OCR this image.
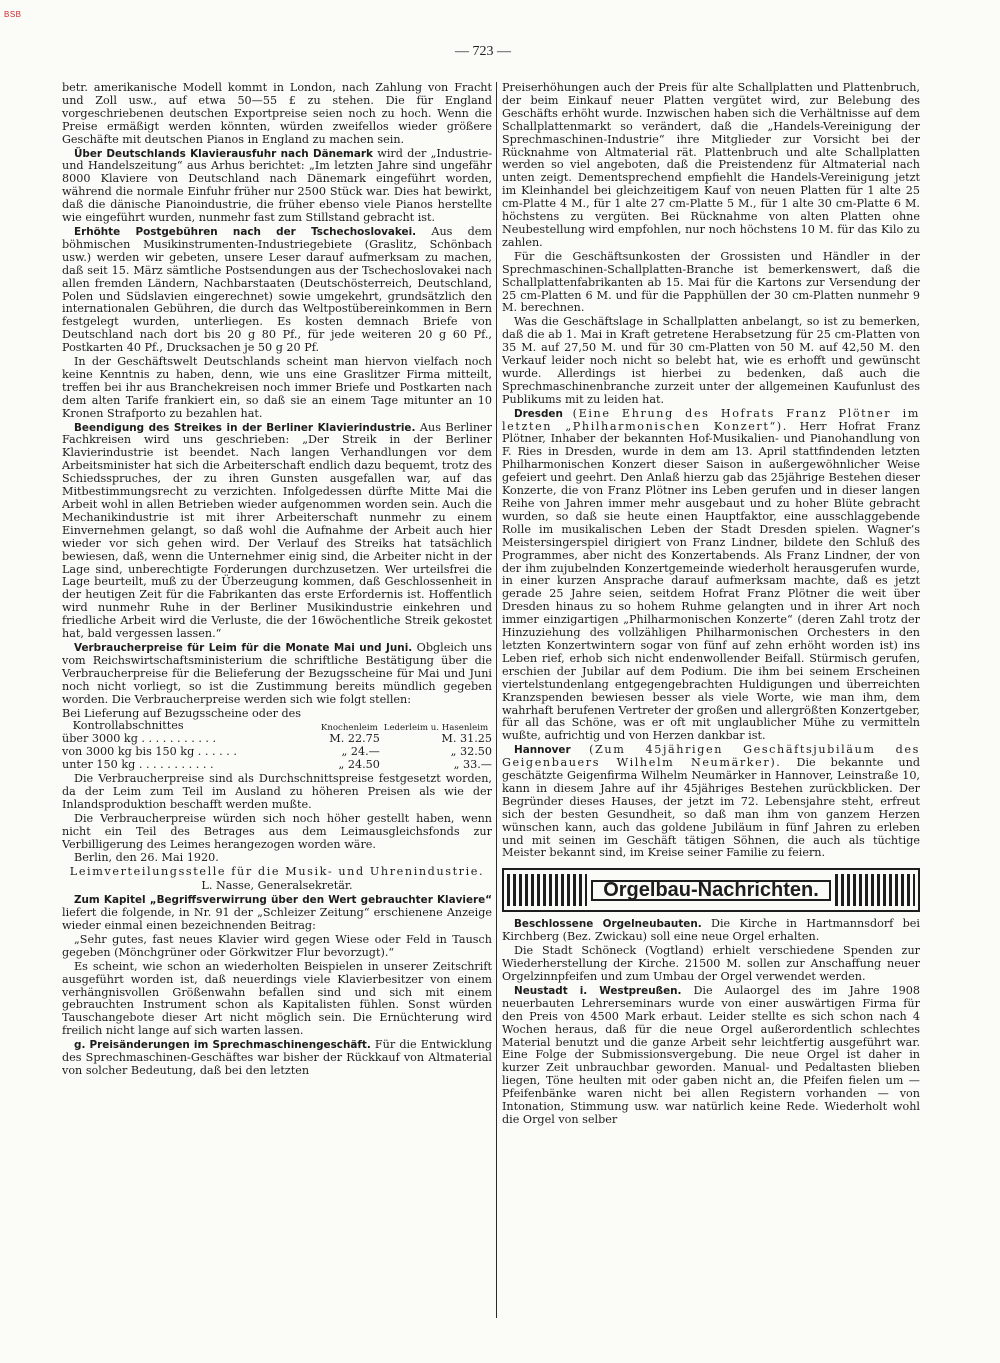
BSB
— 723 —

betr. amerikanische Modell kommt in London, nach Zahlung von Fracht und Zoll usw., auf etwa 50—55 £ zu stehen. Die für England vorgeschriebenen deutschen Exportpreise seien noch zu hoch. Wenn die Preise ermäßigt werden könnten, würden zweifellos wieder größere Geschäfte mit deutschen Pianos in England zu machen sein.

Über Deutschlands Klavierausfuhr nach Dänemark wird der „Industrie- und Handelszeitung“ aus Arhus berichtet: „Im letzten Jahre sind ungefähr 8000 Klaviere von Deutschland nach Dänemark eingeführt worden, während die normale Einfuhr früher nur 2500 Stück war. Dies hat bewirkt, daß die dänische Pianoindustrie, die früher ebenso viele Pianos herstellte wie eingeführt wurden, nunmehr fast zum Stillstand gebracht ist.

Erhöhte Postgebühren nach der Tschechoslovakei. Aus dem böhmischen Musikinstrumenten-Industriegebiete (Graslitz, Schönbach usw.) werden wir gebeten, unsere Leser darauf aufmerksam zu machen, daß seit 15. März sämtliche Postsendungen aus der Tschechoslovakei nach allen fremden Ländern, Nachbarstaaten (Deutschösterreich, Deutschland, Polen und Südslavien eingerechnet) sowie umgekehrt, grundsätzlich den internationalen Gebühren, die durch das Weltpostübereinkommen in Bern festgelegt wurden, unterliegen. Es kosten demnach Briefe von Deutschland nach dort bis 20 g 80 Pf., für jede weiteren 20 g 60 Pf., Postkarten 40 Pf., Drucksachen je 50 g 20 Pf.

In der Geschäftswelt Deutschlands scheint man hiervon vielfach noch keine Kenntnis zu haben, denn, wie uns eine Graslitzer Firma mitteilt, treffen bei ihr aus Branchekreisen noch immer Briefe und Postkarten nach dem alten Tarife frankiert ein, so daß sie an einem Tage mitunter an 10 Kronen Strafporto zu bezahlen hat.

Beendigung des Streikes in der Berliner Klavierindustrie. Aus Berliner Fachkreisen wird uns geschrieben: „Der Streik in der Berliner Klavierindustrie ist beendet. Nach langen Verhandlungen vor dem Arbeitsminister hat sich die Arbeiterschaft endlich dazu bequemt, trotz des Schiedsspruches, der zu ihren Gunsten ausgefallen war, auf das Mitbestimmungsrecht zu verzichten. Infolgedessen dürfte Mitte Mai die Arbeit wohl in allen Betrieben wieder aufgenommen worden sein. Auch die Mechanikindustrie ist mit ihrer Arbeiterschaft nunmehr zu einem Einvernehmen gelangt, so daß wohl die Aufnahme der Arbeit auch hier wieder vor sich gehen wird. Der Verlauf des Streiks hat tatsächlich bewiesen, daß, wenn die Unternehmer einig sind, die Arbeiter nicht in der Lage sind, unberechtigte Forderungen durchzusetzen. Wer urteilsfrei die Lage beurteilt, muß zu der Überzeugung kommen, daß Geschlossenheit in der heutigen Zeit für die Fabrikanten das erste Erfordernis ist. Hoffentlich wird nunmehr Ruhe in der Berliner Musikindustrie einkehren und friedliche Arbeit wird die Verluste, die der 16wöchentliche Streik gekostet hat, bald vergessen lassen.“

Verbraucherpreise für Leim für die Monate Mai und Juni. Obgleich uns vom Reichswirtschaftsministerium die schriftliche Bestätigung über die Verbraucherpreise für die Belieferung der Bezugsscheine für Mai und Juni noch nicht vorliegt, so ist die Zustimmung bereits mündlich gegeben worden. Die Verbraucherpreise werden sich wie folgt stellen:

Bei Lieferung auf Bezugsscheine oder des
Kontrollabschnittes	Knochenleim	Lederleim u. Hasenleim
über 3000 kg . . . . . . . . . . .	M. 22.75	M. 31.25
von 3000 kg bis 150 kg . . . . . .	„ 24.—	„ 32.50
unter 150 kg . . . . . . . . . . .	„ 24.50	„ 33.—

Die Verbraucherpreise sind als Durchschnittspreise festgesetzt worden, da der Leim zum Teil im Ausland zu höheren Preisen als wie der Inlandsproduktion beschafft werden mußte.

Die Verbraucherpreise würden sich noch höher gestellt haben, wenn nicht ein Teil des Betrages aus dem Leimausgleichsfonds zur Verbilligerung des Leimes herangezogen worden wäre.

Berlin, den 26. Mai 1920.

Leimverteilungsstelle für die Musik- und Uhrenindustrie.

L. Nasse, Generalsekretär.

Zum Kapitel „Begriffsverwirrung über den Wert gebrauchter Klaviere“ liefert die folgende, in Nr. 91 der „Schleizer Zeitung“ erschienene Anzeige wieder einmal einen bezeichnenden Beitrag:

„Sehr gutes, fast neues Klavier wird gegen Wiese oder Feld in Tausch gegeben (Mönchgrüner oder Görkwitzer Flur bevorzugt).“

Es scheint, wie schon an wiederholten Beispielen in unserer Zeitschrift ausgeführt worden ist, daß neuerdings viele Klavierbesitzer von einem verhängnisvollen Größenwahn befallen sind und sich mit einem gebrauchten Instrument schon als Kapitalisten fühlen. Sonst würden Tauschangebote dieser Art nicht möglich sein. Die Ernüchterung wird freilich nicht lange auf sich warten lassen.

g. Preisänderungen im Sprechmaschinengeschäft. Für die Entwicklung des Sprechmaschinen-Geschäftes war bisher der Rückkauf von Altmaterial von solcher Bedeutung, daß bei den letzten

Preiserhöhungen auch der Preis für alte Schallplatten und Plattenbruch, der beim Einkauf neuer Platten vergütet wird, zur Belebung des Geschäfts erhöht wurde. Inzwischen haben sich die Verhältnisse auf dem Schallplattenmarkt so verändert, daß die „Handels-Vereinigung der Sprechmaschinen-Industrie“ ihre Mitglieder zur Vorsicht bei der Rücknahme von Altmaterial rät. Plattenbruch und alte Schallplatten werden so viel angeboten, daß die Preistendenz für Altmaterial nach unten zeigt. Dementsprechend empfiehlt die Handels-Vereinigung jetzt im Kleinhandel bei gleichzeitigem Kauf von neuen Platten für 1 alte 25 cm-Platte 4 M., für 1 alte 27 cm-Platte 5 M., für 1 alte 30 cm-Platte 6 M. höchstens zu vergüten. Bei Rücknahme von alten Platten ohne Neubestellung wird empfohlen, nur noch höchstens 10 M. für das Kilo zu zahlen.

Für die Geschäftsunkosten der Grossisten und Händler in der Sprechmaschinen-Schallplatten-Branche ist bemerkenswert, daß die Schallplattenfabrikanten ab 15. Mai für die Kartons zur Versendung der 25 cm-Platten 6 M. und für die Papphüllen der 30 cm-Platten nunmehr 9 M. berechnen.

Was die Geschäftslage in Schallplatten anbelangt, so ist zu bemerken, daß die ab 1. Mai in Kraft getretene Herabsetzung für 25 cm-Platten von 35 M. auf 27,50 M. und für 30 cm-Platten von 50 M. auf 42,50 M. den Verkauf leider noch nicht so belebt hat, wie es erhofft und gewünscht wurde. Allerdings ist hierbei zu bedenken, daß auch die Sprechmaschinenbranche zurzeit unter der allgemeinen Kaufunlust des Publikums mit zu leiden hat.

Dresden (Eine Ehrung des Hofrats Franz Plötner im letzten „Philharmonischen Konzert“). Herr Hofrat Franz Plötner, Inhaber der bekannten Hof-Musikalien- und Pianohandlung von F. Ries in Dresden, wurde in dem am 13. April stattfindenden letzten Philharmonischen Konzert dieser Saison in außergewöhnlicher Weise gefeiert und geehrt. Den Anlaß hierzu gab das 25jährige Bestehen dieser Konzerte, die von Franz Plötner ins Leben gerufen und in dieser langen Reihe von Jahren immer mehr ausgebaut und zu hoher Blüte gebracht wurden, so daß sie heute einen Hauptfaktor, eine ausschlaggebende Rolle im musikalischen Leben der Stadt Dresden spielen. Wagner’s Meistersingerspiel dirigiert von Franz Lindner, bildete den Schluß des Programmes, aber nicht des Konzertabends. Als Franz Lindner, der von der ihm zujubelnden Konzertgemeinde wiederholt herausgerufen wurde, in einer kurzen Ansprache darauf aufmerksam machte, daß es jetzt gerade 25 Jahre seien, seitdem Hofrat Franz Plötner die weit über Dresden hinaus zu so hohem Ruhme gelangten und in ihrer Art noch immer einzigartigen „Philharmonischen Konzerte“ (deren Zahl trotz der Hinzuziehung des vollzähligen Philharmonischen Orchesters in den letzten Konzertwintern sogar von fünf auf zehn erhöht worden ist) ins Leben rief, erhob sich nicht endenwollender Beifall. Stürmisch gerufen, erschien der Jubilar auf dem Podium. Die ihm bei seinem Erscheinen viertelstundenlang entgegengebrachten Huldigungen und überreichten Kranzspenden bewiesen besser als viele Worte, wie man ihm, dem wahrhaft berufenen Vertreter der großen und allergrößten Konzertgeber, für all das Schöne, was er oft mit unglaublicher Mühe zu vermitteln wußte, aufrichtig und von Herzen dankbar ist.

Hannover (Zum 45jährigen Geschäftsjubiläum des Geigenbauers Wilhelm Neumärker). Die bekannte und geschätzte Geigenfirma Wilhelm Neumärker in Hannover, Leinstraße 10, kann in diesem Jahre auf ihr 45jähriges Bestehen zurückblicken. Der Begründer dieses Hauses, der jetzt im 72. Lebensjahre steht, erfreut sich der besten Gesundheit, so daß man ihm von ganzem Herzen wünschen kann, auch das goldene Jubiläum in fünf Jahren zu erleben und mit seinen im Geschäft tätigen Söhnen, die auch als tüchtige Meister bekannt sind, im Kreise seiner Familie zu feiern.

Orgelbau-Nachrichten.

Beschlossene Orgelneubauten. Die Kirche in Hartmannsdorf bei Kirchberg (Bez. Zwickau) soll eine neue Orgel erhalten.

Die Stadt Schöneck (Vogtland) erhielt verschiedene Spenden zur Wiederherstellung der Kirche. 21500 M. sollen zur Anschaffung neuer Orgelzinnpfeifen und zum Umbau der Orgel verwendet werden.

Neustadt i. Westpreußen. Die Aulaorgel des im Jahre 1908 neuerbauten Lehrerseminars wurde von einer auswärtigen Firma für den Preis von 4500 Mark erbaut. Leider stellte es sich schon nach 4 Wochen heraus, daß für die neue Orgel außerordentlich schlechtes Material benutzt und die ganze Arbeit sehr leichtfertig ausgeführt war. Eine Folge der Submissionsvergebung. Die neue Orgel ist daher in kurzer Zeit unbrauchbar geworden. Manual- und Pedaltasten blieben liegen, Töne heulten mit oder gaben nicht an, die Pfeifen fielen um — Pfeifenbänke waren nicht bei allen Registern vorhanden — von Intonation, Stimmung usw. war natürlich keine Rede. Wiederholt wohl die Orgel von selber
